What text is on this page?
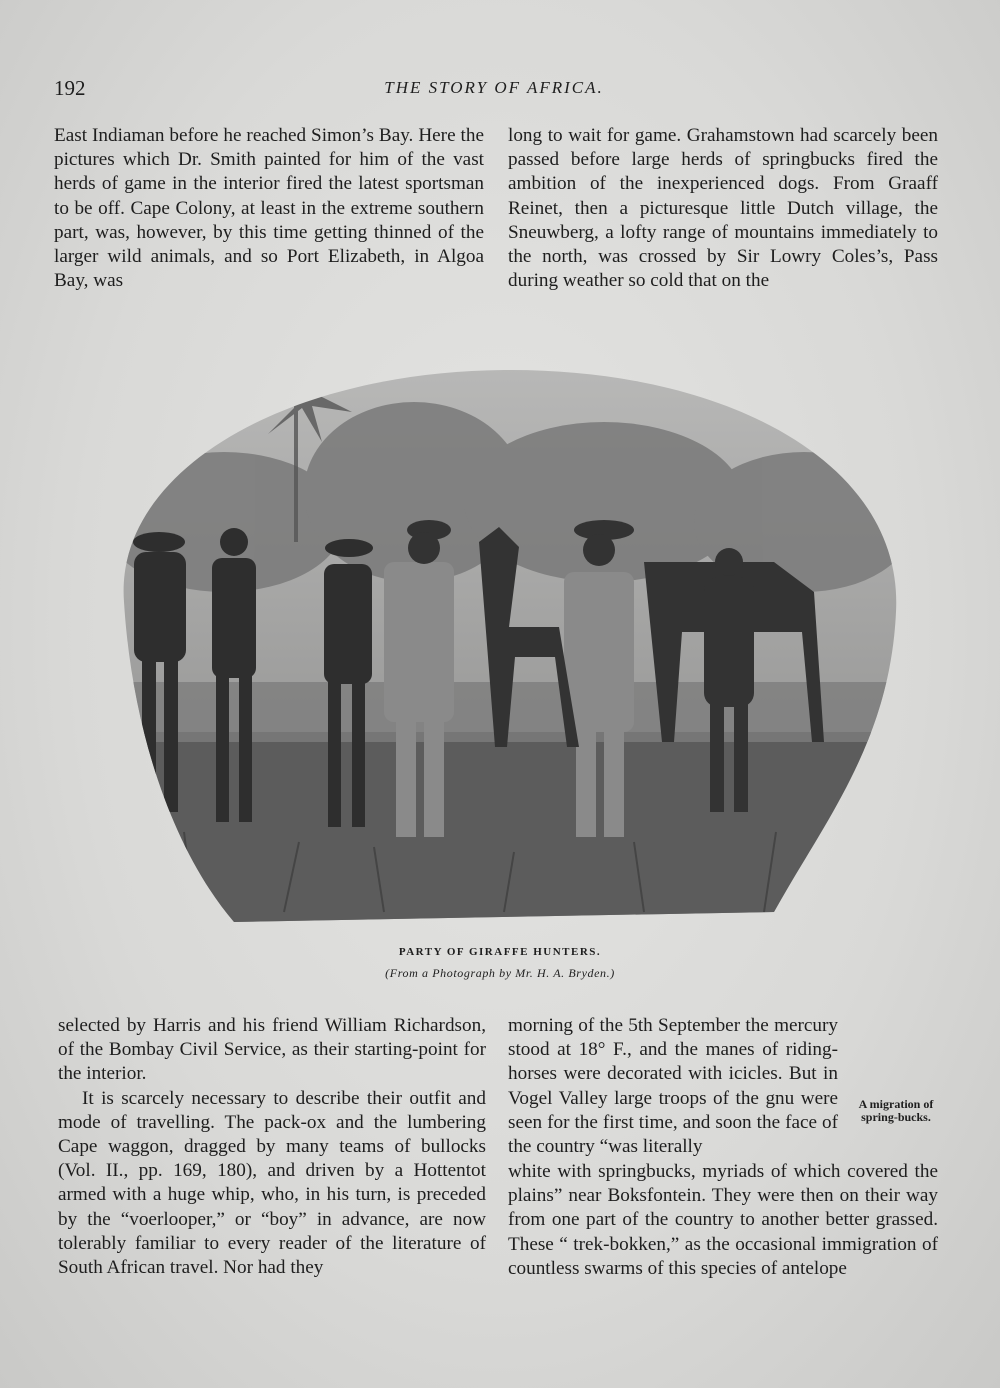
192	THE STORY OF AFRICA.

East Indiaman before he reached Simon’s Bay. Here the pictures which Dr. Smith painted for him of the vast herds of game in the interior fired the latest sportsman to be off. Cape Colony, at least in the extreme southern part, was, however, by this time getting thinned of the larger wild animals, and so Port Elizabeth, in Algoa Bay, was

long to wait for game. Grahamstown had scarcely been passed before large herds of springbucks fired the ambition of the inexperienced dogs. From Graaff Reinet, then a picturesque little Dutch village, the Sneuwberg, a lofty range of mountains immediately to the north, was crossed by Sir Lowry Coles’s, Pass during weather so cold that on the

PARTY OF GIRAFFE HUNTERS.
(From a Photograph by Mr. H. A. Bryden.)

selected by Harris and his friend William Richardson, of the Bombay Civil Service, as their starting-point for the interior.

It is scarcely necessary to describe their outfit and mode of travelling. The pack-ox and the lumbering Cape waggon, dragged by many teams of bullocks (Vol. II., pp. 169, 180), and driven by a Hottentot armed with a huge whip, who, in his turn, is preceded by the “voerlooper,” or “boy” in advance, are now tolerably familiar to every reader of the literature of South African travel. Nor had they

morning of the 5th September the mercury stood at 18° F., and the manes of riding-horses were decorated with icicles. But in Vogel Valley large troops of the gnu were seen for the first time, and soon the face of the country “was literally

white with springbucks, myriads of which covered the plains” near Boksfontein. They were then on their way from one part of the country to another better grassed. These “ trek-bokken,” as the occasional immigration of countless swarms of this species of antelope

A migration of spring-bucks.
